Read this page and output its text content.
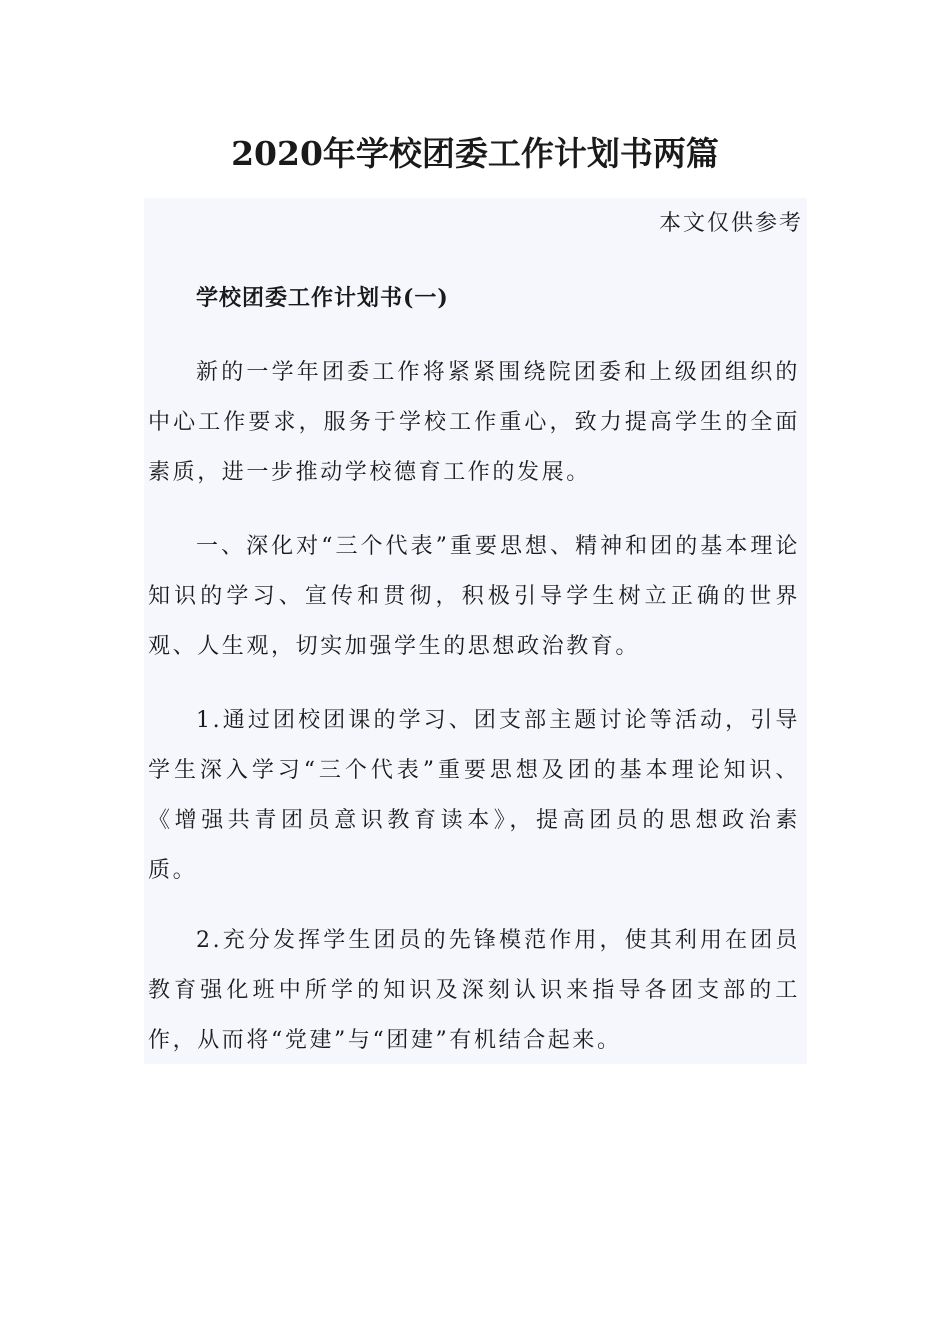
2020年学校团委工作计划书两篇

本文仅供参考

学校团委工作计划书(一)

新的一学年团委工作将紧紧围绕院团委和上级团组织的中心工作要求，服务于学校工作重心，致力提高学生的全面素质，进一步推动学校德育工作的发展。

一、深化对“三个代表”重要思想、精神和团的基本理论知识的学习、宣传和贯彻，积极引导学生树立正确的世界观、人生观，切实加强学生的思想政治教育。

1.通过团校团课的学习、团支部主题讨论等活动，引导学生深入学习“三个代表”重要思想及团的基本理论知识、《增强共青团员意识教育读本》，提高团员的思想政治素质。

2.充分发挥学生团员的先锋模范作用，使其利用在团员教育强化班中所学的知识及深刻认识来指导各团支部的工作，从而将“党建”与“团建”有机结合起来。
